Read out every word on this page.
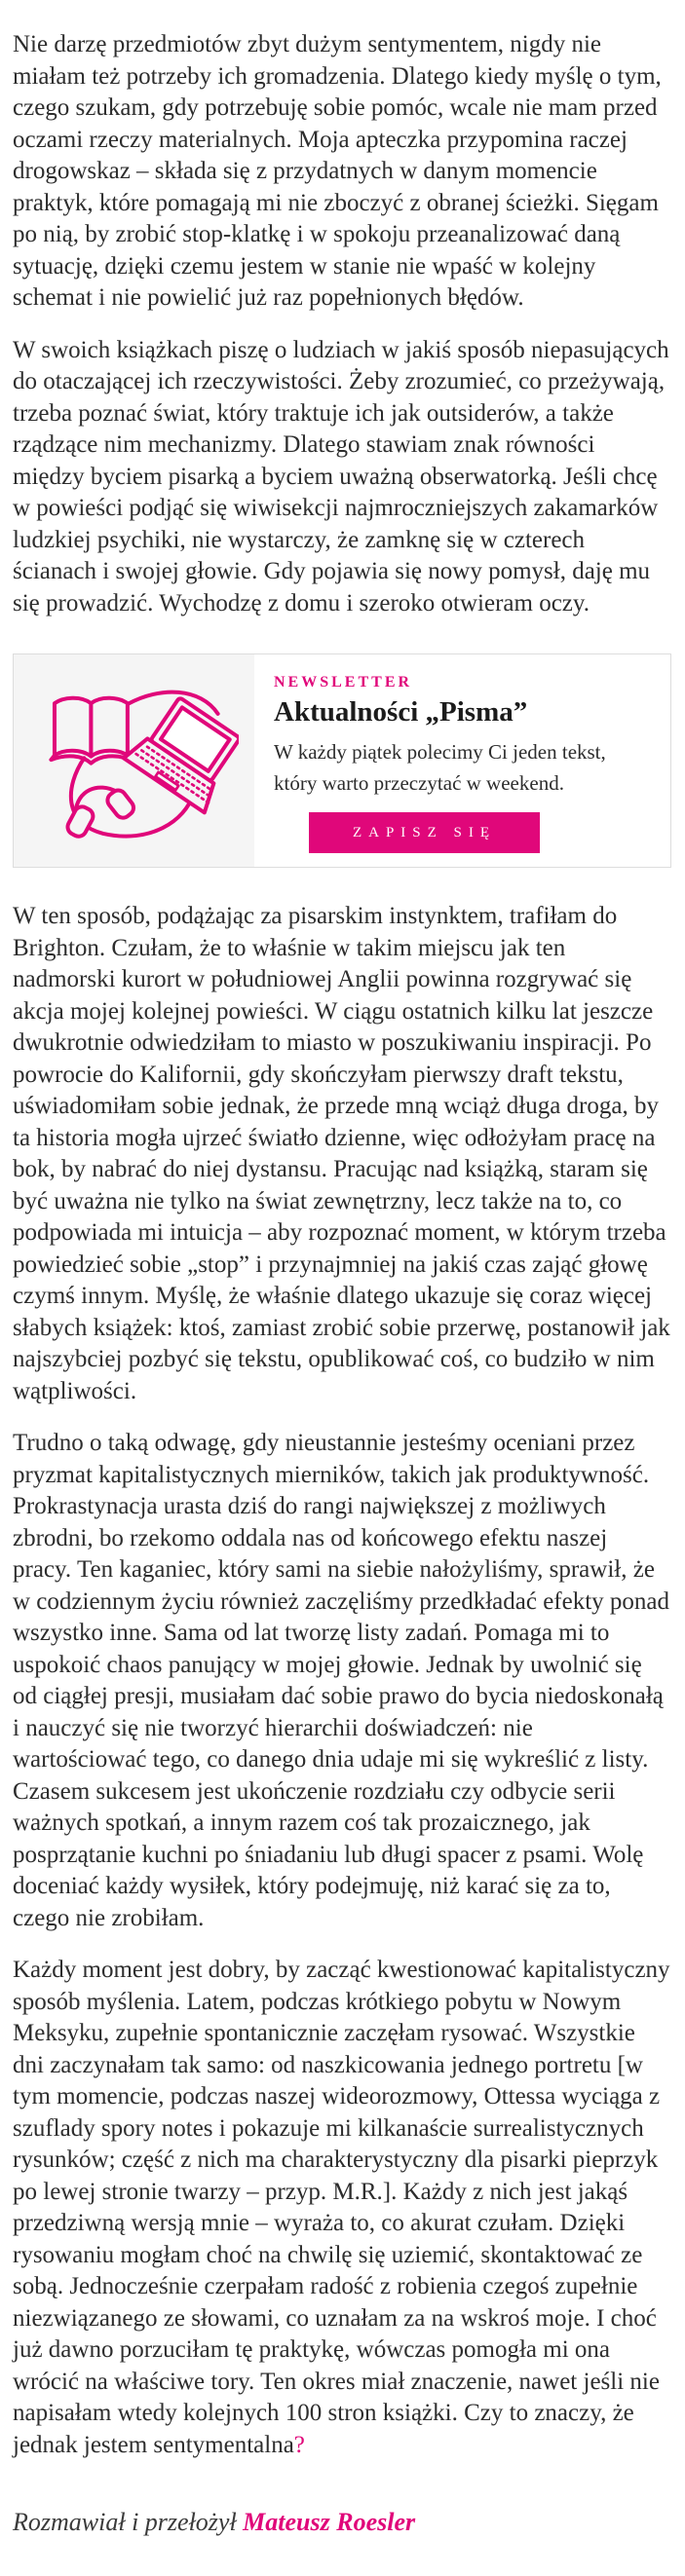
Nie darzę przedmiotów zbyt dużym sentymentem, nigdy nie miałam też potrzeby ich gromadzenia. Dlatego kiedy myślę o tym, czego szukam, gdy potrzebuję sobie pomóc, wcale nie mam przed oczami rzeczy materialnych. Moja apteczka przypomina raczej drogowskaz – składa się z przydatnych w danym momencie praktyk, które pomagają mi nie zboczyć z obranej ścieżki. Sięgam po nią, by zrobić stop-klatkę i w spokoju przeanalizować daną sytuację, dzięki czemu jestem w stanie nie wpaść w kolejny schemat i nie powielić już raz popełnionych błędów.

W swoich książkach piszę o ludziach w jakiś sposób niepasujących do otaczającej ich rzeczywistości. Żeby zrozumieć, co przeżywają, trzeba poznać świat, który traktuje ich jak outsiderów, a także rządzące nim mechanizmy. Dlatego stawiam znak równości między byciem pisarką a byciem uważną obserwatorką. Jeśli chcę w powieści podjąć się wiwisekcji najmroczniejszych zakamarków ludzkiej psychiki, nie wystarczy, że zamknę się w czterech ścianach i swojej głowie. Gdy pojawia się nowy pomysł, daję mu się prowadzić. Wychodzę z domu i szeroko otwieram oczy.

NEWSLETTER
Aktualności „Pisma”

W każdy piątek polecimy Ci jeden tekst, który warto przeczytać w weekend.

ZAPISZ SIĘ

W ten sposób, podążając za pisarskim instynktem, trafiłam do Brighton. Czułam, że to właśnie w takim miejscu jak ten nadmorski kurort w południowej Anglii powinna rozgrywać się akcja mojej kolejnej powieści. W ciągu ostatnich kilku lat jeszcze dwukrotnie odwiedziłam to miasto w poszukiwaniu inspiracji. Po powrocie do Kalifornii, gdy skończyłam pierwszy draft tekstu, uświadomiłam sobie jednak, że przede mną wciąż długa droga, by ta historia mogła ujrzeć światło dzienne, więc odłożyłam pracę na bok, by nabrać do niej dystansu. Pracując nad książką, staram się być uważna nie tylko na świat zewnętrzny, lecz także na to, co podpowiada mi intuicja – aby rozpoznać moment, w którym trzeba powiedzieć sobie „stop” i przynajmniej na jakiś czas zająć głowę czymś innym. Myślę, że właśnie dlatego ukazuje się coraz więcej słabych książek: ktoś, zamiast zrobić sobie przerwę, postanowił jak najszybciej pozbyć się tekstu, opublikować coś, co budziło w nim wątpliwości.

Trudno o taką odwagę, gdy nieustannie jesteśmy oceniani przez pryzmat kapitalistycznych mierników, takich jak produktywność. Prokrastynacja urasta dziś do rangi największej z możliwych zbrodni, bo rzekomo oddala nas od końcowego efektu naszej pracy. Ten kaganiec, który sami na siebie nałożyliśmy, sprawił, że w codziennym życiu również zaczęliśmy przedkładać efekty ponad wszystko inne. Sama od lat tworzę listy zadań. Pomaga mi to uspokoić chaos panujący w mojej głowie. Jednak by uwolnić się od ciągłej presji, musiałam dać sobie prawo do bycia niedoskonałą i nauczyć się nie tworzyć hierarchii doświadczeń: nie wartościować tego, co danego dnia udaje mi się wykreślić z listy. Czasem sukcesem jest ukończenie rozdziału czy odbycie serii ważnych spotkań, a innym razem coś tak prozaicznego, jak posprzątanie kuchni po śniadaniu lub długi spacer z psami. Wolę doceniać każdy wysiłek, który podejmuję, niż karać się za to, czego nie zrobiłam.

Każdy moment jest dobry, by zacząć kwestionować kapitalistyczny sposób myślenia. Latem, podczas krótkiego pobytu w Nowym Meksyku, zupełnie spontanicznie zaczęłam rysować. Wszystkie dni zaczynałam tak samo: od naszkicowania jednego portretu [w tym momencie, podczas naszej wideorozmowy, Ottessa wyciąga z szuflady spory notes i pokazuje mi kilkanaście surrealistycznych rysunków; część z nich ma charakterystyczny dla pisarki pieprzyk po lewej stronie twarzy – przyp. M.R.]. Każdy z nich jest jakąś przedziwną wersją mnie – wyraża to, co akurat czułam. Dzięki rysowaniu mogłam choć na chwilę się uziemić, skontaktować ze sobą. Jednocześnie czerpałam radość z robienia czegoś zupełnie niezwiązanego ze słowami, co uznałam za na wskroś moje. I choć już dawno porzuciłam tę praktykę, wówczas pomogła mi ona wrócić na właściwe tory. Ten okres miał znaczenie, nawet jeśli nie napisałam wtedy kolejnych 100 stron książki. Czy to znaczy, że jednak jestem sentymentalna?

Rozmawiał i przełożył Mateusz Roesler
